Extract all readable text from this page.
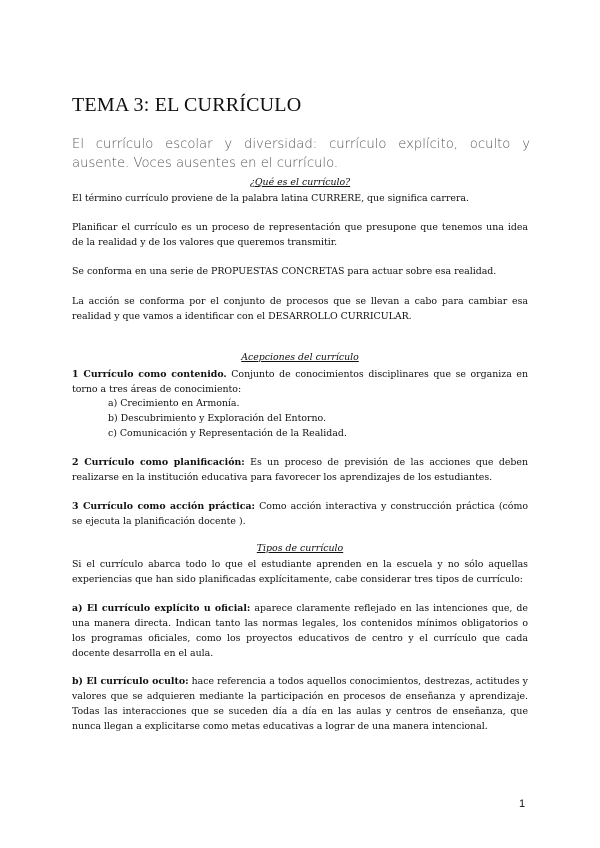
TEMA 3: EL CURRÍCULO

El currículo escolar y diversidad: currículo explícito, oculto y ausente. Voces ausentes en el currículo.

¿Qué es el currículo?

El término currículo proviene de la palabra latina CURRERE, que significa carrera.

Planificar el currículo es un proceso de representación que presupone que tenemos una idea de la realidad y de los valores que queremos transmitir.

Se conforma en una serie de PROPUESTAS CONCRETAS para actuar sobre esa realidad.

La acción se conforma por el conjunto de procesos que se llevan a cabo para cambiar esa realidad y que vamos a identificar con el DESARROLLO CURRICULAR.

Acepciones del currículo

1 Currículo como contenido. Conjunto de conocimientos disciplinares que se organiza en torno a tres áreas de conocimiento:

a) Crecimiento en Armonía.
b) Descubrimiento y Exploración del Entorno.
c) Comunicación y Representación de la Realidad.

2 Currículo como planificación: Es un proceso de previsión de las acciones que deben realizarse en la institución educativa para favorecer los aprendizajes de los estudiantes.

3 Currículo como acción práctica: Como acción interactiva y construcción práctica (cómo se ejecuta la planificación docente ).

Tipos de currículo

Si el currículo abarca todo lo que el estudiante aprenden en la escuela y no sólo aquellas experiencias que han sido planificadas explícitamente, cabe considerar tres tipos de currículo:

a) El currículo explícito u oficial: aparece claramente reflejado en las intenciones que, de una manera directa. Indican tanto las normas legales, los contenidos mínimos obligatorios o los programas oficiales, como los proyectos educativos de centro y el currículo que cada docente desarrolla en el aula.

b) El currículo oculto: hace referencia a todos aquellos conocimientos, destrezas, actitudes y valores que se adquieren mediante la participación en procesos de enseñanza y aprendizaje. Todas las interacciones que se suceden día a día en las aulas y centros de enseñanza, que nunca llegan a explicitarse como metas educativas a lograr de una manera intencional.

1
